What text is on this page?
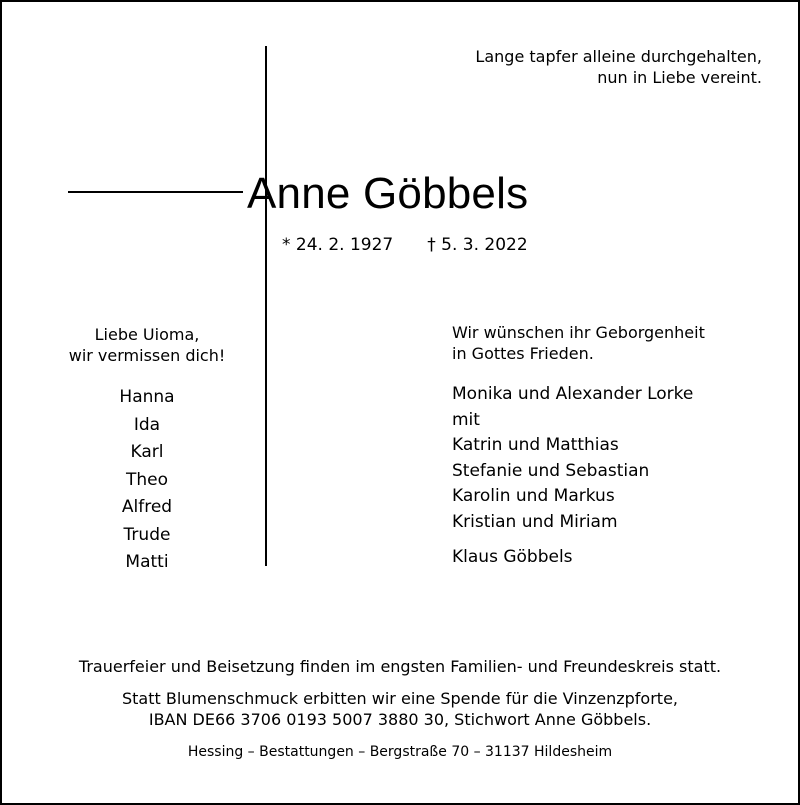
Lange tapfer alleine durchgehalten,
nun in Liebe vereint.
Anne Göbbels
* 24. 2. 1927 † 5. 3. 2022
Liebe Uioma,
wir vermissen dich!
Hanna
Ida
Karl
Theo
Alfred
Trude
Matti
Wir wünschen ihr Geborgenheit
in Gottes Frieden.
Monika und Alexander Lorke
mit
Katrin und Matthias
Stefanie und Sebastian
Karolin und Markus
Kristian und Miriam
Klaus Göbbels
Trauerfeier und Beisetzung finden im engsten Familien- und Freundeskreis statt.
Statt Blumenschmuck erbitten wir eine Spende für die Vinzenzpforte,
IBAN DE66 3706 0193 5007 3880 30, Stichwort Anne Göbbels.
Hessing – Bestattungen – Bergstraße 70 – 31137 Hildesheim
